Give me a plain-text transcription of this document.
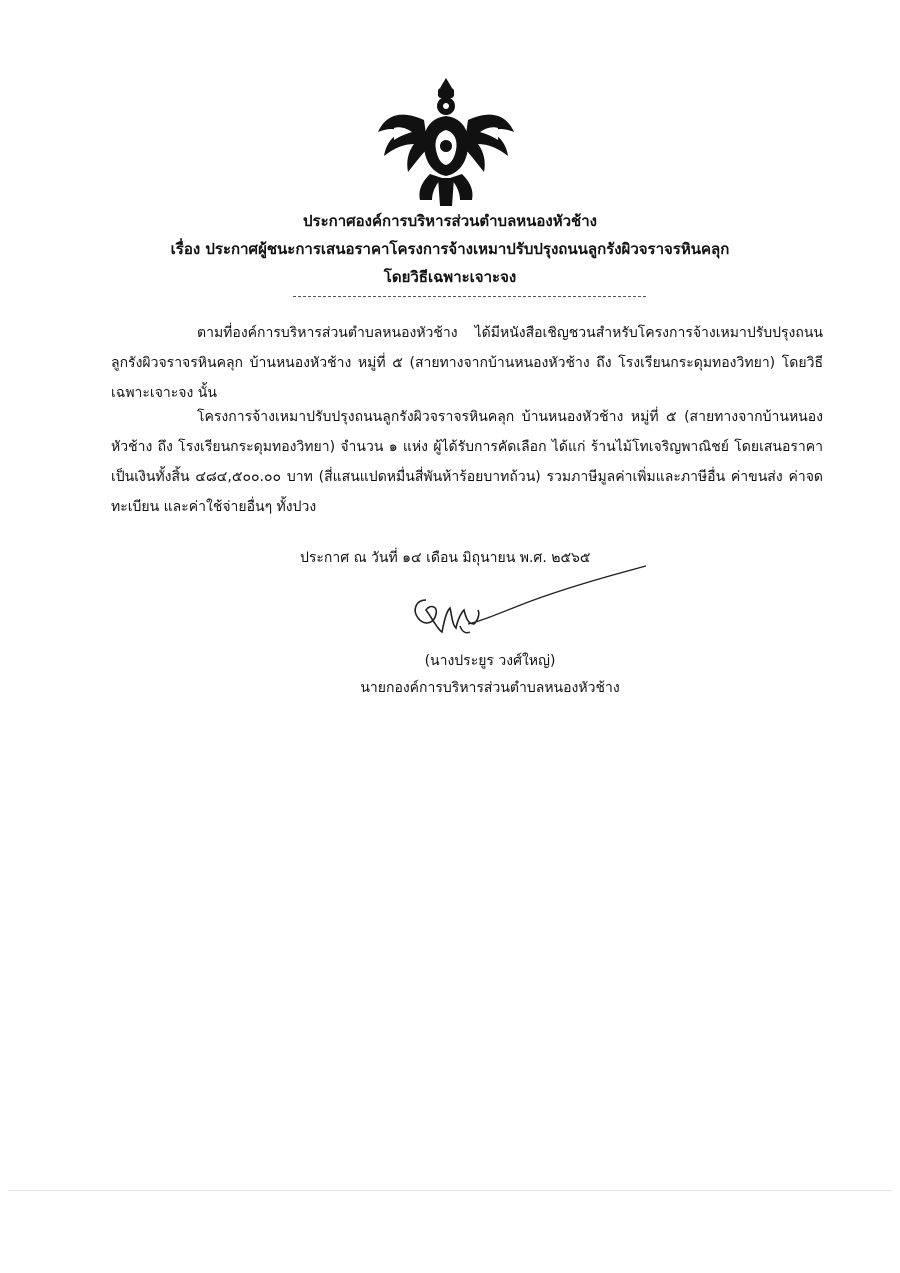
ประกาศองค์การบริหารส่วนตำบลหนองหัวช้าง
เรื่อง ประกาศผู้ชนะการเสนอราคาโครงการจ้างเหมาปรับปรุงถนนลูกรังผิวจราจรหินคลุก
โดยวิธีเฉพาะเจาะจง
ตามที่องค์การบริหารส่วนตำบลหนองหัวช้าง ได้มีหนังสือเชิญชวนสำหรับโครงการจ้างเหมาปรับปรุงถนนลูกรังผิวจราจรหินคลุก บ้านหนองหัวช้าง หมู่ที่ ๕ (สายทางจากบ้านหนองหัวช้าง ถึง โรงเรียนกระดุมทองวิทยา) โดยวิธีเฉพาะเจาะจง นั้น
โครงการจ้างเหมาปรับปรุงถนนลูกรังผิวจราจรหินคลุก บ้านหนองหัวช้าง หมู่ที่ ๕ (สายทางจากบ้านหนองหัวช้าง ถึง โรงเรียนกระดุมทองวิทยา) จำนวน ๑ แห่ง ผู้ได้รับการคัดเลือก ได้แก่ ร้านไม้โทเจริญพาณิชย์ โดยเสนอราคาเป็นเงินทั้งสิ้น ๔๘๔,๕๐๐.๐๐ บาท (สี่แสนแปดหมื่นสี่พันห้าร้อยบาทถ้วน) รวมภาษีมูลค่าเพิ่มและภาษีอื่น ค่าขนส่ง ค่าจดทะเบียน และค่าใช้จ่ายอื่นๆ ทั้งปวง
ประกาศ ณ วันที่ ๑๔ เดือน มิถุนายน พ.ศ. ๒๕๖๕
(นางประยูร วงศ์ใหญ่)
นายกองค์การบริหารส่วนตำบลหนองหัวช้าง
